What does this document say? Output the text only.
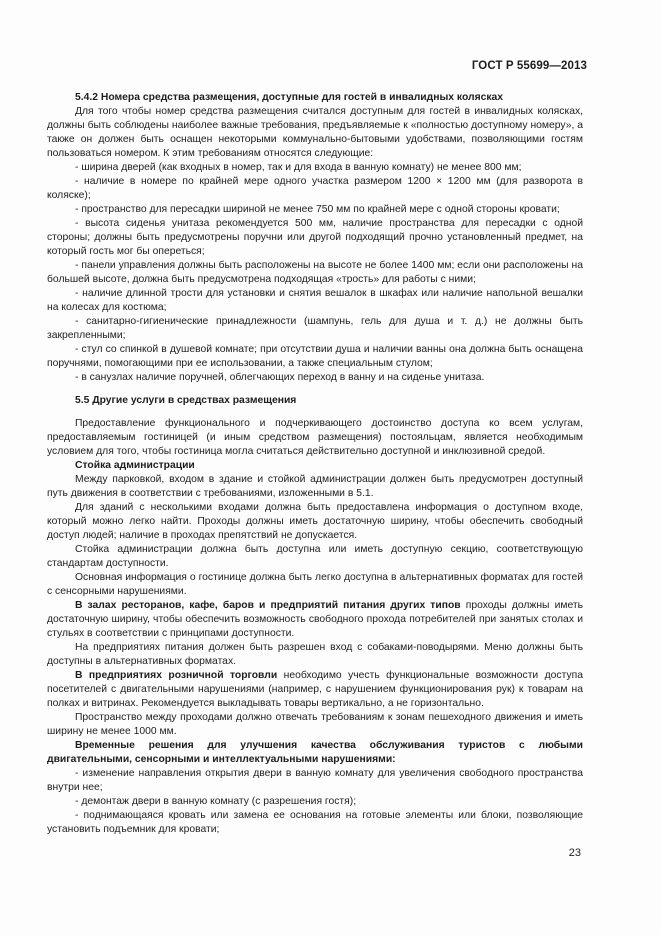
ГОСТ Р 55699—2013

5.4.2 Номера средства размещения, доступные для гостей в инвалидных колясках

Для того чтобы номер средства размещения считался доступным для гостей в инвалидных колясках, должны быть соблюдены наиболее важные требования, предъявляемые к «полностью доступному номеру», а также он должен быть оснащен некоторыми коммунально-бытовыми удобствами, позволяющими гостям пользоваться номером. К этим требованиям относятся следующие:

- ширина дверей (как входных в номер, так и для входа в ванную комнату) не менее 800 мм;

- наличие в номере по крайней мере одного участка размером 1200 × 1200 мм (для разворота в коляске);

- пространство для пересадки шириной не менее 750 мм по крайней мере с одной стороны кровати;

- высота сиденья унитаза рекомендуется 500 мм, наличие пространства для пересадки с одной стороны; должны быть предусмотрены поручни или другой подходящий прочно установленный предмет, на который гость мог бы опереться;

- панели управления должны быть расположены на высоте не более 1400 мм; если они расположены на большей высоте, должна быть предусмотрена подходящая «трость» для работы с ними;

- наличие длинной трости для установки и снятия вешалок в шкафах или наличие напольной вешалки на колесах для костюма;

- санитарно-гигиенические принадлежности (шампунь, гель для душа и т. д.) не должны быть закрепленными;

- стул со спинкой в душевой комнате; при отсутствии душа и наличии ванны она должна быть оснащена поручнями, помогающими при ее использовании, а также специальным стулом;

- в санузлах наличие поручней, облегчающих переход в ванну и на сиденье унитаза.

5.5 Другие услуги в средствах размещения

Предоставление функционального и подчеркивающего достоинство доступа ко всем услугам, предоставляемым гостиницей (и иным средством размещения) постояльцам, является необходимым условием для того, чтобы гостиница могла считаться действительно доступной и инклюзивной средой.

Стойка администрации

Между парковкой, входом в здание и стойкой администрации должен быть предусмотрен доступный путь движения в соответствии с требованиями, изложенными в 5.1.

Для зданий с несколькими входами должна быть предоставлена информация о доступном входе, который можно легко найти. Проходы должны иметь достаточную ширину, чтобы обеспечить свободный доступ людей; наличие в проходах препятствий не допускается.

Стойка администрации должна быть доступна или иметь доступную секцию, соответствующую стандартам доступности.

Основная информация о гостинице должна быть легко доступна в альтернативных форматах для гостей с сенсорными нарушениями.

В залах ресторанов, кафе, баров и предприятий питания других типов проходы должны иметь достаточную ширину, чтобы обеспечить возможность свободного прохода потребителей при занятых столах и стульях в соответствии с принципами доступности.

На предприятиях питания должен быть разрешен вход с собаками-поводырями. Меню должны быть доступны в альтернативных форматах.

В предприятиях розничной торговли необходимо учесть функциональные возможности доступа посетителей с двигательными нарушениями (например, с нарушением функционирования рук) к товарам на полках и витринах. Рекомендуется выкладывать товары вертикально, а не горизонтально.

Пространство между проходами должно отвечать требованиям к зонам пешеходного движения и иметь ширину не менее 1000 мм.

Временные решения для улучшения качества обслуживания туристов с любыми двигательными, сенсорными и интеллектуальными нарушениями:

- изменение направления открытия двери в ванную комнату для увеличения свободного пространства внутри нее;

- демонтаж двери в ванную комнату (с разрешения гостя);

- поднимающаяся кровать или замена ее основания на готовые элементы или блоки, позволяющие установить подъемник для кровати;

23
